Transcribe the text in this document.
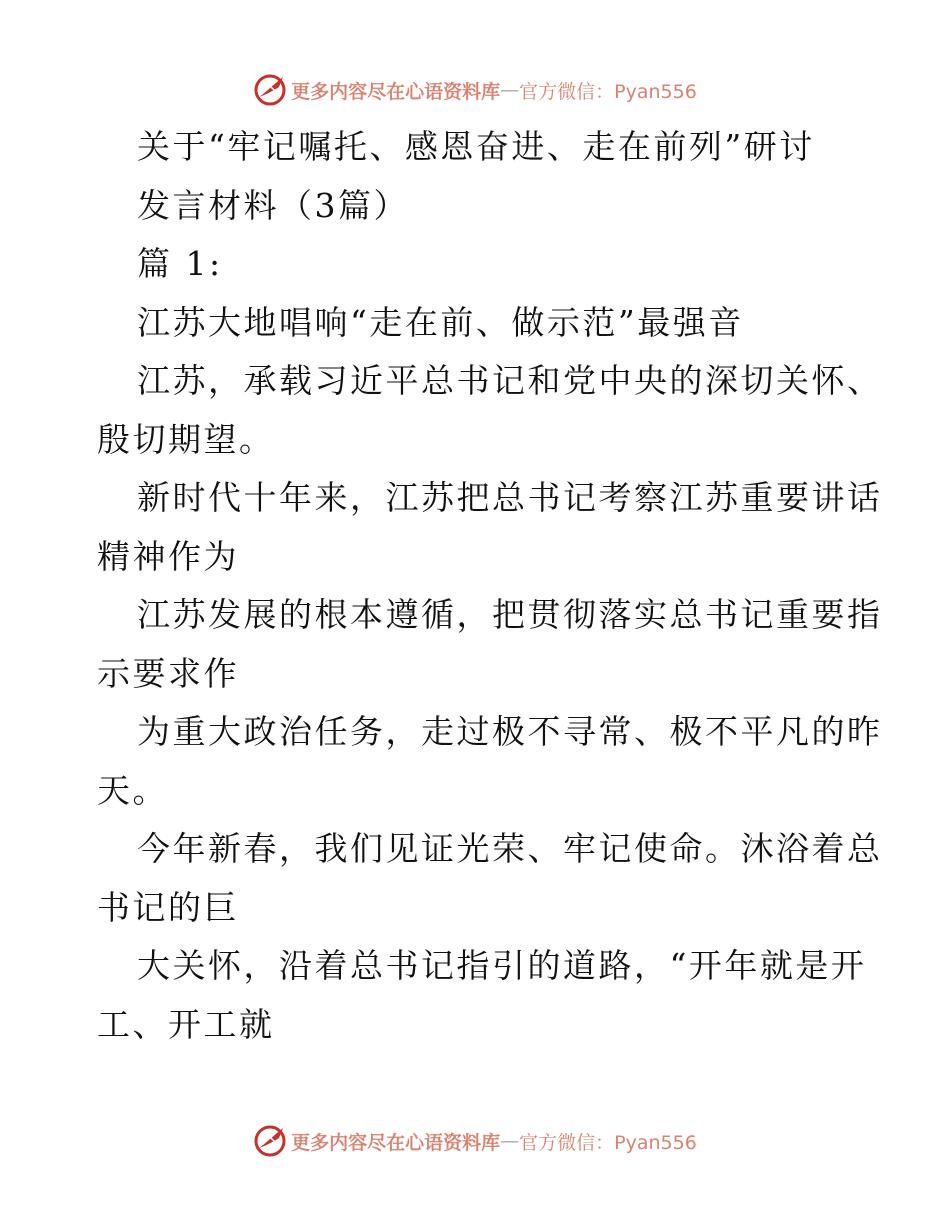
更多内容尽在心语资料库 — 官方微信：Pyan556
关于“牢记嘱托、感恩奋进、走在前列”研讨
发言材料（3篇）
篇 1:
江苏大地唱响“走在前、做示范”最强音
江苏，承载习近平总书记和党中央的深切关怀、
殷切期望。
新时代十年来，江苏把总书记考察江苏重要讲话
精神作为
江苏发展的根本遵循，把贯彻落实总书记重要指
示要求作
为重大政治任务，走过极不寻常、极不平凡的昨
天。
今年新春，我们见证光荣、牢记使命。沐浴着总
书记的巨
大关怀，沿着总书记指引的道路，“开年就是开
工、开工就
更多内容尽在心语资料库 — 官方微信：Pyan556
